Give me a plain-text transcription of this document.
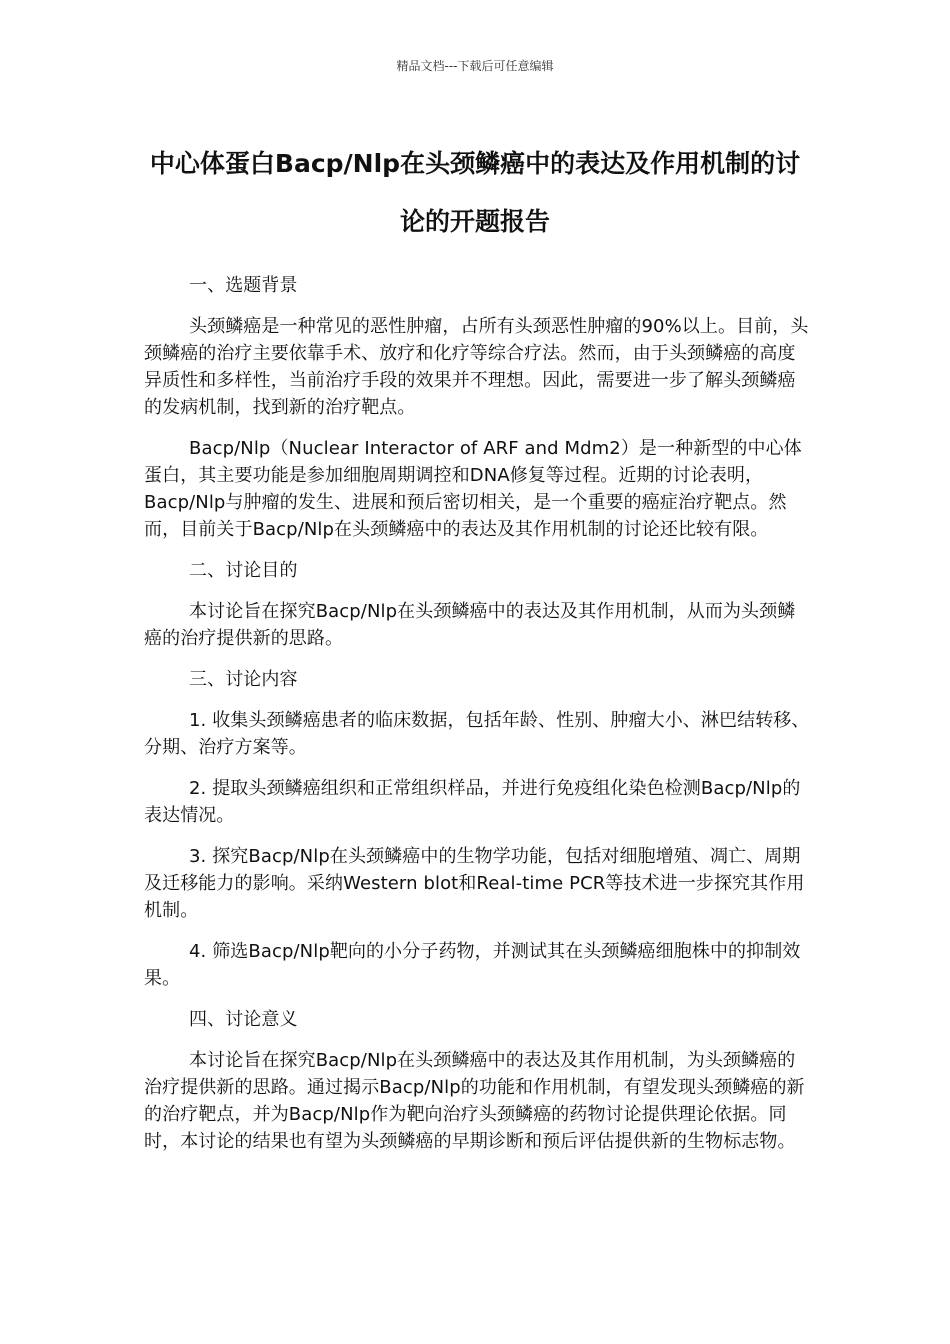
精品文档---下载后可任意编辑
中心体蛋白Bacp/Nlp在头颈鳞癌中的表达及作用机制的讨论的开题报告

一、选题背景

头颈鳞癌是一种常见的恶性肿瘤，占所有头颈恶性肿瘤的90%以上。目前，头颈鳞癌的治疗主要依靠手术、放疗和化疗等综合疗法。然而，由于头颈鳞癌的高度异质性和多样性，当前治疗手段的效果并不理想。因此，需要进一步了解头颈鳞癌的发病机制，找到新的治疗靶点。

Bacp/Nlp（Nuclear Interactor of ARF and Mdm2）是一种新型的中心体蛋白，其主要功能是参加细胞周期调控和DNA修复等过程。近期的讨论表明，Bacp/Nlp与肿瘤的发生、进展和预后密切相关，是一个重要的癌症治疗靶点。然而，目前关于Bacp/Nlp在头颈鳞癌中的表达及其作用机制的讨论还比较有限。

二、讨论目的

本讨论旨在探究Bacp/Nlp在头颈鳞癌中的表达及其作用机制，从而为头颈鳞癌的治疗提供新的思路。

三、讨论内容

1. 收集头颈鳞癌患者的临床数据，包括年龄、性别、肿瘤大小、淋巴结转移、分期、治疗方案等。

2. 提取头颈鳞癌组织和正常组织样品，并进行免疫组化染色检测Bacp/Nlp的表达情况。

3. 探究Bacp/Nlp在头颈鳞癌中的生物学功能，包括对细胞增殖、凋亡、周期及迁移能力的影响。采纳Western blot和Real-time PCR等技术进一步探究其作用机制。

4. 筛选Bacp/Nlp靶向的小分子药物，并测试其在头颈鳞癌细胞株中的抑制效果。

四、讨论意义

本讨论旨在探究Bacp/Nlp在头颈鳞癌中的表达及其作用机制，为头颈鳞癌的治疗提供新的思路。通过揭示Bacp/Nlp的功能和作用机制，有望发现头颈鳞癌的新的治疗靶点，并为Bacp/Nlp作为靶向治疗头颈鳞癌的药物讨论提供理论依据。同时，本讨论的结果也有望为头颈鳞癌的早期诊断和预后评估提供新的生物标志物。
